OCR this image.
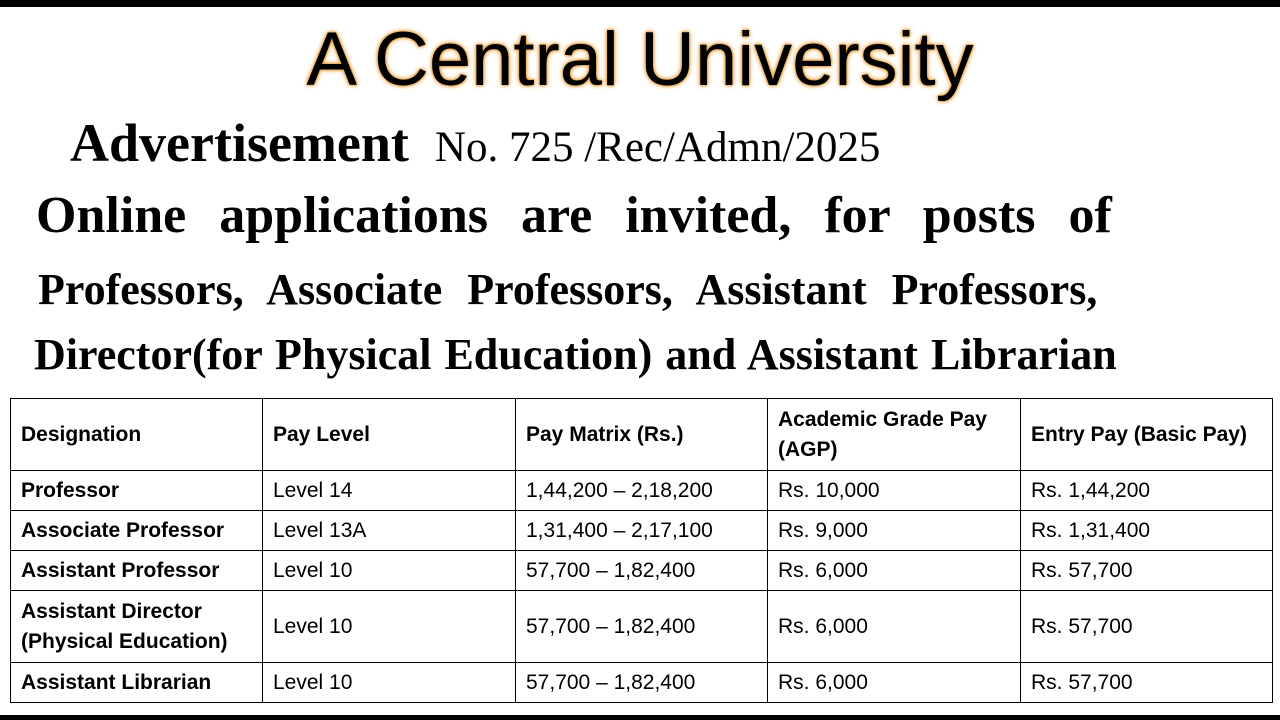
A Central University
Advertisement No. 725 /Rec/Admn/2025
Online applications are invited, for posts of
Professors, Associate Professors, Assistant Professors,
Director(for Physical Education) and Assistant Librarian
Designation	Pay Level	Pay Matrix (Rs.)	Academic Grade Pay (AGP)	Entry Pay (Basic Pay)
Professor	Level 14	1,44,200 – 2,18,200	Rs. 10,000	Rs. 1,44,200
Associate Professor	Level 13A	1,31,400 – 2,17,100	Rs. 9,000	Rs. 1,31,400
Assistant Professor	Level 10	57,700 – 1,82,400	Rs. 6,000	Rs. 57,700
Assistant Director (Physical Education)	Level 10	57,700 – 1,82,400	Rs. 6,000	Rs. 57,700
Assistant Librarian	Level 10	57,700 – 1,82,400	Rs. 6,000	Rs. 57,700
